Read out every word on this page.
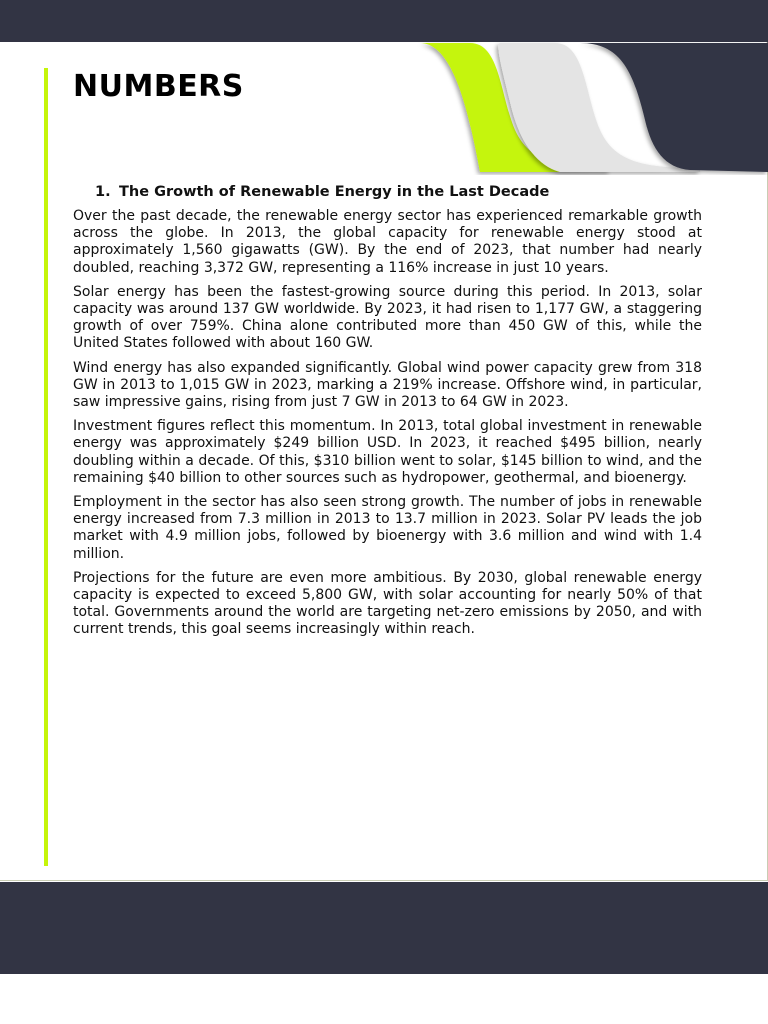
NUMBERS

1. The Growth of Renewable Energy in the Last Decade

Over the past decade, the renewable energy sector has experienced remarkable growth across the globe. In 2013, the global capacity for renewable energy stood at approximately 1,560 gigawatts (GW). By the end of 2023, that number had nearly doubled, reaching 3,372 GW, representing a 116% increase in just 10 years.

Solar energy has been the fastest-growing source during this period. In 2013, solar capacity was around 137 GW worldwide. By 2023, it had risen to 1,177 GW, a staggering growth of over 759%. China alone contributed more than 450 GW of this, while the United States followed with about 160 GW.

Wind energy has also expanded significantly. Global wind power capacity grew from 318 GW in 2013 to 1,015 GW in 2023, marking a 219% increase. Offshore wind, in particular, saw impressive gains, rising from just 7 GW in 2013 to 64 GW in 2023.

Investment figures reflect this momentum. In 2013, total global investment in renewable energy was approximately $249 billion USD. In 2023, it reached $495 billion, nearly doubling within a decade. Of this, $310 billion went to solar, $145 billion to wind, and the remaining $40 billion to other sources such as hydropower, geothermal, and bioenergy.

Employment in the sector has also seen strong growth. The number of jobs in renewable energy increased from 7.3 million in 2013 to 13.7 million in 2023. Solar PV leads the job market with 4.9 million jobs, followed by bioenergy with 3.6 million and wind with 1.4 million.

Projections for the future are even more ambitious. By 2030, global renewable energy capacity is expected to exceed 5,800 GW, with solar accounting for nearly 50% of that total. Governments around the world are targeting net-zero emissions by 2050, and with current trends, this goal seems increasingly within reach.
